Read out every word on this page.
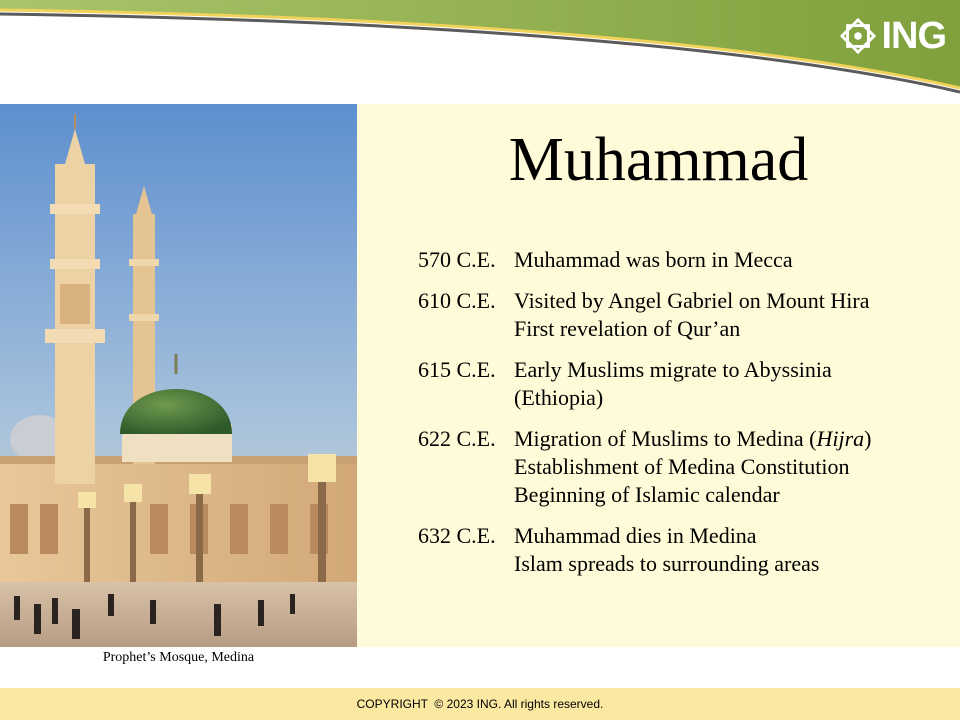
ING
Prophet’s Mosque, Medina
Muhammad
570 C.E. Muhammad was born in Mecca
610 C.E. Visited by Angel Gabriel on Mount Hira
First revelation of Qur’an
615 C.E. Early Muslims migrate to Abyssinia
(Ethiopia)
622 C.E. Migration of Muslims to Medina (Hijra)
Establishment of Medina Constitution
Beginning of Islamic calendar
632 C.E. Muhammad dies in Medina
Islam spreads to surrounding areas
COPYRIGHT  © 2023 ING. All rights reserved.
